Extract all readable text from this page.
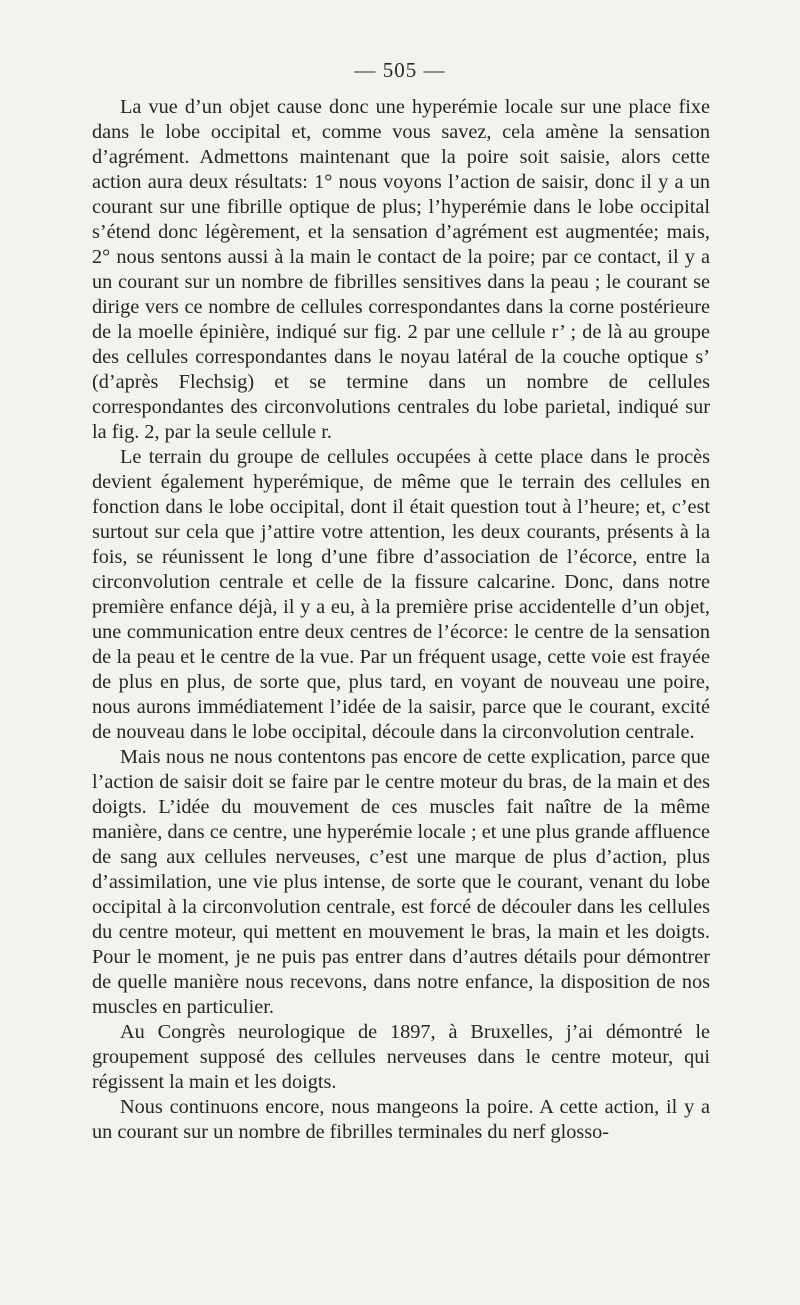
— 505 —

La vue d’un objet cause donc une hyperémie locale sur une place fixe dans le lobe occipital et, comme vous savez, cela amène la sensation d’agrément. Admettons maintenant que la poire soit saisie, alors cette action aura deux résultats: 1° nous voyons l’action de saisir, donc il y a un courant sur une fibrille optique de plus; l’hyperémie dans le lobe occipital s’étend donc légèrement, et la sensation d’agrément est augmentée; mais, 2° nous sentons aussi à la main le contact de la poire; par ce contact, il y a un courant sur un nombre de fibrilles sensitives dans la peau ; le courant se dirige vers ce nombre de cellules correspondantes dans la corne postérieure de la moelle épinière, indiqué sur fig. 2 par une cellule r’ ; de là au groupe des cellules correspondantes dans le noyau latéral de la couche optique s’ (d’après Flechsig) et se termine dans un nombre de cellules correspondantes des circonvolutions centrales du lobe parietal, indiqué sur la fig. 2, par la seule cellule r.

Le terrain du groupe de cellules occupées à cette place dans le procès devient également hyperémique, de même que le terrain des cellules en fonction dans le lobe occipital, dont il était question tout à l’heure; et, c’est surtout sur cela que j’attire votre attention, les deux courants, présents à la fois, se réunissent le long d’une fibre d’association de l’écorce, entre la circonvolution centrale et celle de la fissure calcarine. Donc, dans notre première enfance déjà, il y a eu, à la première prise accidentelle d’un objet, une communication entre deux centres de l’écorce: le centre de la sensation de la peau et le centre de la vue. Par un fréquent usage, cette voie est frayée de plus en plus, de sorte que, plus tard, en voyant de nouveau une poire, nous aurons immédiatement l’idée de la saisir, parce que le courant, excité de nouveau dans le lobe occipital, découle dans la circonvolution centrale.

Mais nous ne nous contentons pas encore de cette explication, parce que l’action de saisir doit se faire par le centre moteur du bras, de la main et des doigts. L’idée du mouvement de ces muscles fait naître de la même manière, dans ce centre, une hyperémie locale ; et une plus grande affluence de sang aux cellules nerveuses, c’est une marque de plus d’action, plus d’assimilation, une vie plus intense, de sorte que le courant, venant du lobe occipital à la circonvolution centrale, est forcé de découler dans les cellules du centre moteur, qui mettent en mouvement le bras, la main et les doigts. Pour le moment, je ne puis pas entrer dans d’autres détails pour démontrer de quelle manière nous recevons, dans notre enfance, la disposition de nos muscles en particulier.

Au Congrès neurologique de 1897, à Bruxelles, j’ai démontré le groupement supposé des cellules nerveuses dans le centre moteur, qui régissent la main et les doigts.

Nous continuons encore, nous mangeons la poire. A cette action, il y a un courant sur un nombre de fibrilles terminales du nerf glosso-
